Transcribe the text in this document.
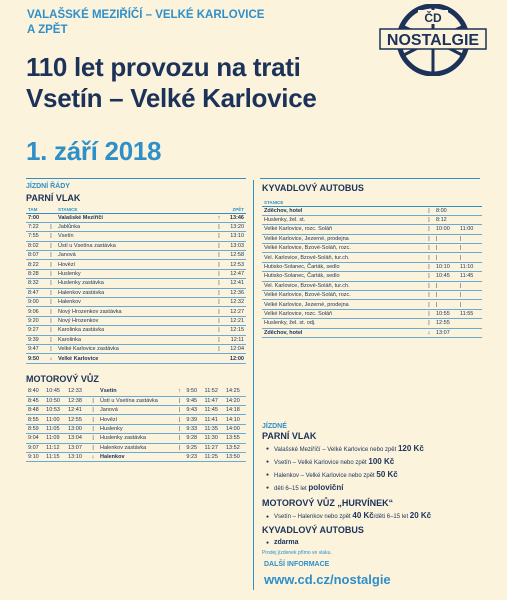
VALAŠSKÉ MEZIŘÍČÍ – VELKÉ KARLOVICE
A ZPĚT
110 let provozu na trati
Vsetín – Velké Karlovice
1. září 2018
NOSTALGIE
ČD
JÍZDNÍ ŘÁDY
PARNÍ VLAK
TAM		STANICE		ZPĚT
7:00		Valašské Meziříčí	↑	13:46
7:22	|	Jablůnka	|	13:20
7:55	|	Vsetín	|	13:10
8:02	|	Ústí u Vsetína zastávka	|	13:03
8:07	|	Janová	|	12:58
8:22	|	Hovězí	|	12:53
8:28	|	Huslenky	|	12:47
8:32	|	Huslenky zastávka	|	12:41
8:47	|	Halenkov zastávka	|	12:36
9:00	|	Halenkov	|	12:32
9:06	|	Nový Hrozenkov zastávka	|	12:27
9:20	|	Nový Hrozenkov	|	12:21
9:27	|	Karolinka zastávka	|	12:15
9:39	|	Karolinka	|	12:11
9:47	|	Velké Karlovice zastávka	|	12:04
9:50	↓	Velké Karlovice		12:00
MOTOROVÝ VŮZ
8:40	10:45	12:33		Vsetín	↑	9:50	11:52	14:25
8:45	10:50	12:38	|	Ústí u Vsetína zastávka	|	9:45	11:47	14:20
8:48	10:53	12:41	|	Janová	|	9:43	11:45	14:18
8:55	11:00	12:55	|	Hovězí	|	9:39	11:41	14:10
8:59	11:05	13:00	|	Huslenky	|	9:33	11:35	14:00
9:04	11:09	13:04	|	Huslenky zastávka	|	9:28	11:30	13:55
9:07	11:12	13:07	|	Halenkov zastávka	|	9:25	11:27	13:52
9:10	11:15	13:10	↓	Halenkov		9:23	11:25	13:50
KYVADLOVÝ AUTOBUS
STANICE			
Zděchov, hotel	|	8:00	
Huslenky, žel. st.	|	8:12	
Velké Karlovice, rozc. Soláň	|	10:00	11:00
Velké Karlovice, Jezerné, prodejna	|	|	|
Velké Karlovice, Bzové-Soláň, rozc.	|	|	|
Vel. Karlovice, Bzové-Soláň, tur.ch.	|	|	|
Hutisko-Solanec, Čarták, sedlo	|	10:10	11:10
Hutisko-Solanec, Čarták, sedlo	|	10:45	11:45
Vel. Karlovice, Bzové-Soláň, tur.ch.	|	|	|
Velké Karlovice, Bzové-Soláň, rozc.	|	|	|
Velké Karlovice, Jezerné, prodejna	|	|	|
Velké Karlovice, rozc. Soláň	|	10:55	11:55
Huslenky, žel. st. odj.	|	12:55	
Zděchov, hotel	↓	13:07	
JÍZDNÉ
PARNÍ VLAK
● Valašské Meziříčí – Velké Karlovice nebo zpět 120 Kč
● Vsetín – Velké Karlovice nebo zpět 100 Kč
● Halenkov – Velké Karlovice nebo zpět 50 Kč
● děti 6–15 let poloviční
MOTOROVÝ VŮZ „HURVÍNEK“
● Vsetín – Halenkov nebo zpět 40 Kč/děti 6–15 let 20 Kč
KYVADLOVÝ AUTOBUS
● zdarma
Prodej jízdenek přímo ve vlaku.
DALŠÍ INFORMACE
www.cd.cz/nostalgie
